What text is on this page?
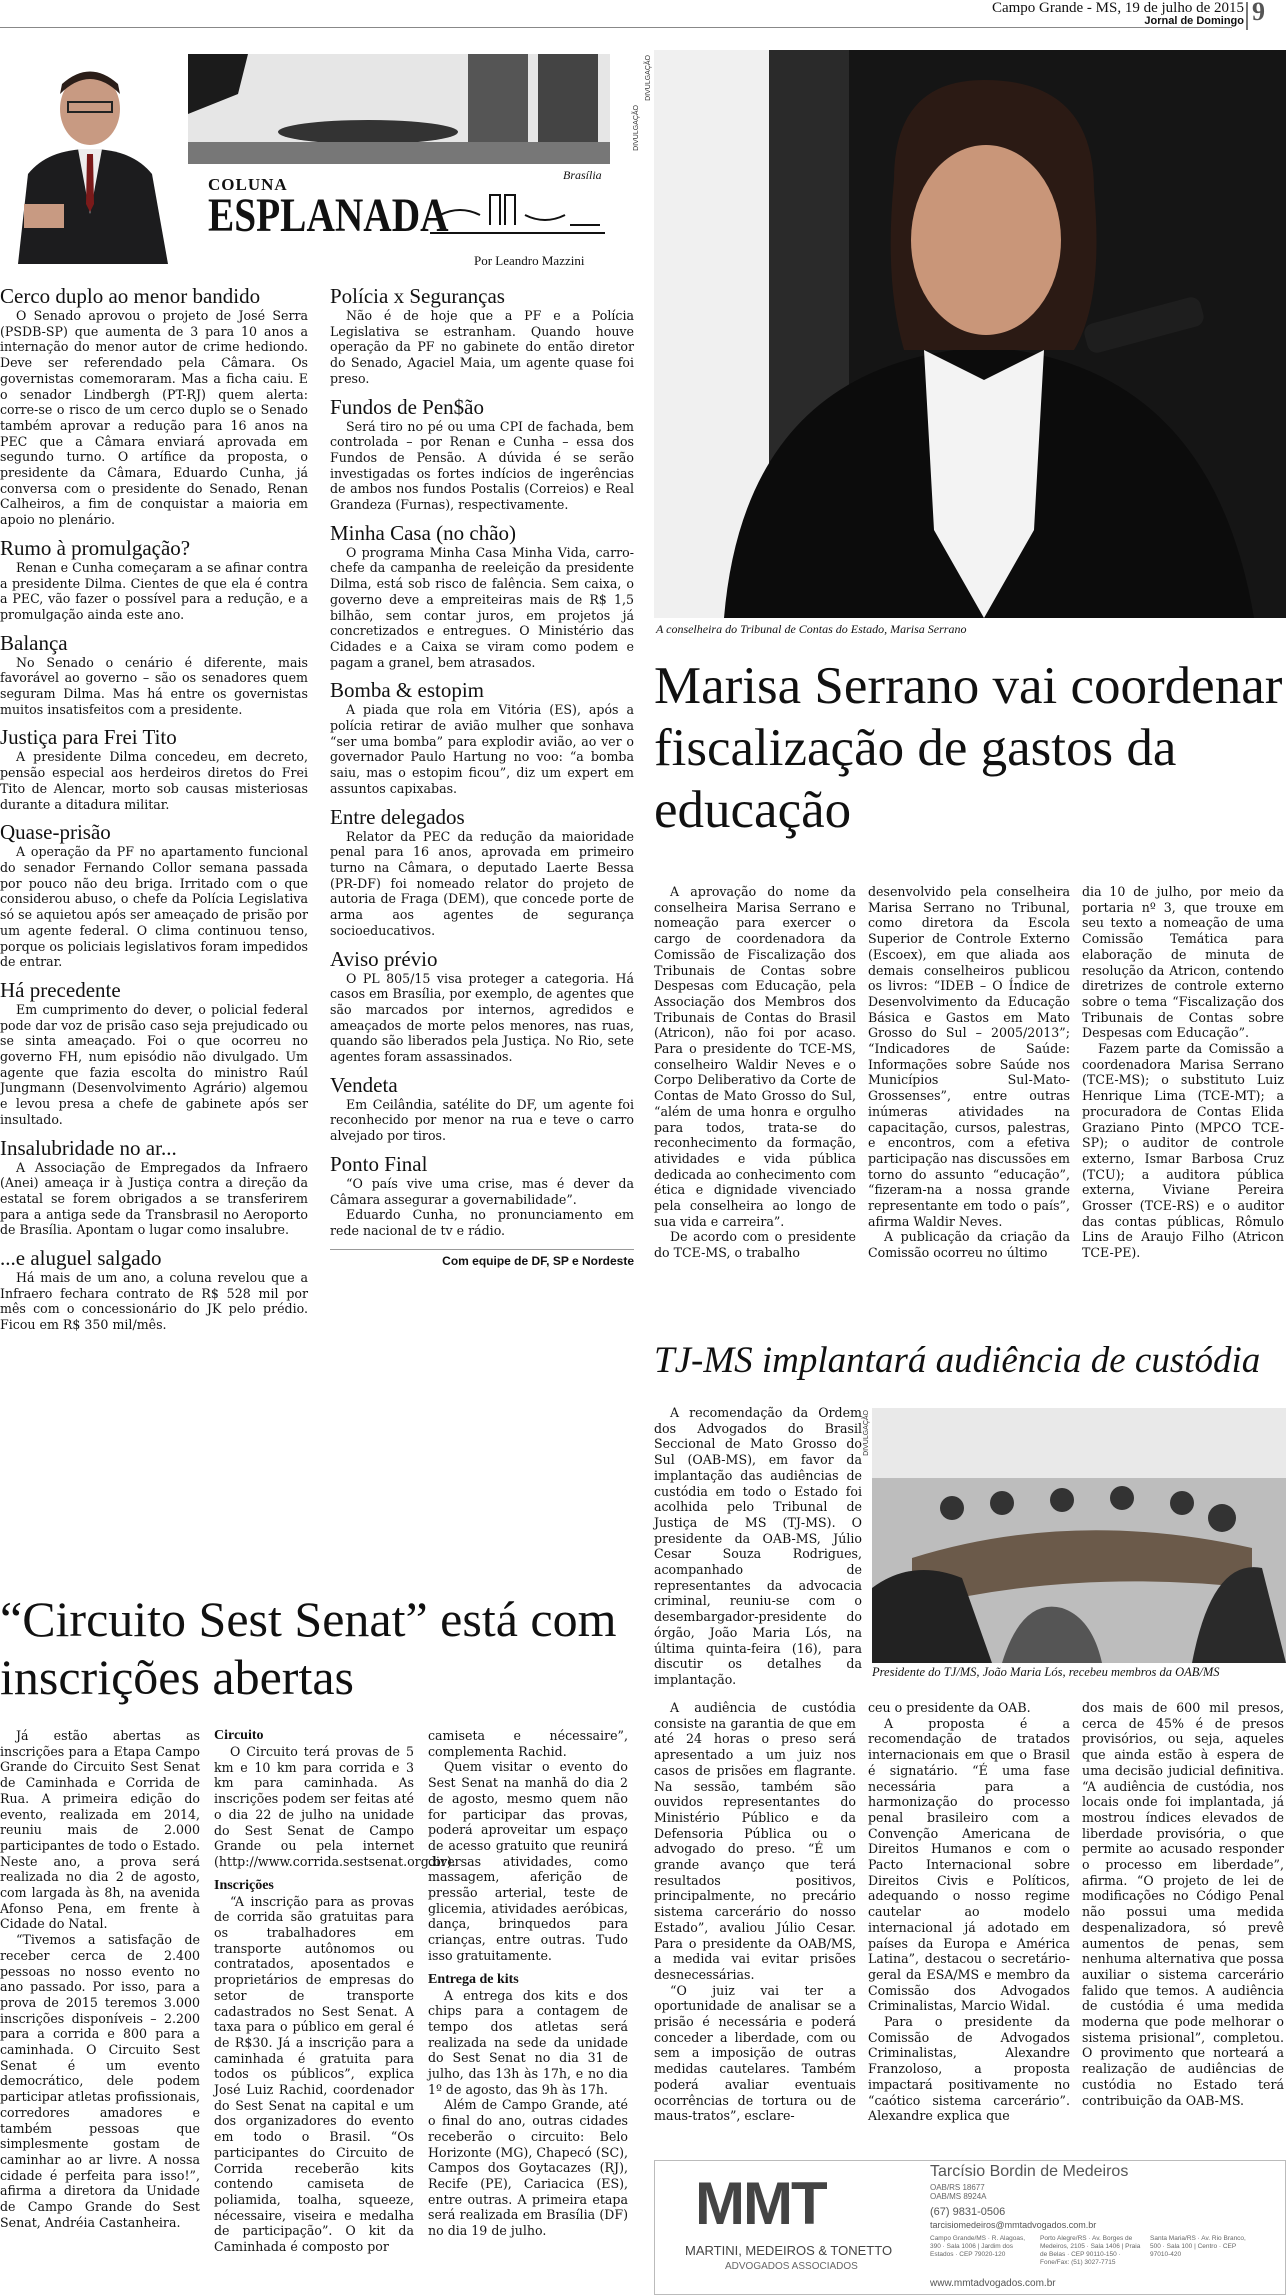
Campo Grande - MS, 19 de julho de 2015
Jornal de Domingo 9
Brasília
COLUNA
ESPLANADA
Por Leandro Mazzini
DIVULGAÇÃO
Cerco duplo ao menor bandido

O Senado aprovou o projeto de José Serra (PSDB-SP) que aumenta de 3 para 10 anos a internação do menor autor de crime hediondo. Deve ser referendado pela Câmara. Os governistas comemoraram. Mas a ficha caiu. E o senador Lindbergh (PT-RJ) quem alerta: corre-se o risco de um cerco duplo se o Senado também aprovar a redução para 16 anos na PEC que a Câmara enviará aprovada em segundo turno. O artífice da proposta, o presidente da Câmara, Eduardo Cunha, já conversa com o presidente do Senado, Renan Calheiros, a fim de conquistar a maioria em apoio no plenário.

Rumo à promulgação?

Renan e Cunha começaram a se afinar contra a presidente Dilma. Cientes de que ela é contra a PEC, vão fazer o possível para a redução, e a promulgação ainda este ano.

Balança

No Senado o cenário é diferente, mais favorável ao governo – são os senadores quem seguram Dilma. Mas há entre os governistas muitos insatisfeitos com a presidente.

Justiça para Frei Tito

A presidente Dilma concedeu, em decreto, pensão especial aos herdeiros diretos do Frei Tito de Alencar, morto sob causas misteriosas durante a ditadura militar.

Quase-prisão

A operação da PF no apartamento funcional do senador Fernando Collor semana passada por pouco não deu briga. Irritado com o que considerou abuso, o chefe da Polícia Legislativa só se aquietou após ser ameaçado de prisão por um agente federal. O clima continuou tenso, porque os policiais legislativos foram impedidos de entrar.

Há precedente

Em cumprimento do dever, o policial federal pode dar voz de prisão caso seja prejudicado ou se sinta ameaçado. Foi o que ocorreu no governo FH, num episódio não divulgado. Um agente que fazia escolta do ministro Raúl Jungmann (Desenvolvimento Agrário) algemou e levou presa a chefe de gabinete após ser insultado.

Insalubridade no ar...

A Associação de Empregados da Infraero (Anei) ameaça ir à Justiça contra a direção da estatal se forem obrigados a se transferirem para a antiga sede da Transbrasil no Aeroporto de Brasília. Apontam o lugar como insalubre.

...e aluguel salgado

Há mais de um ano, a coluna revelou que a Infraero fechara contrato de R$ 528 mil por mês com o concessionário do JK pelo prédio. Ficou em R$ 350 mil/mês.

Polícia x Seguranças

Não é de hoje que a PF e a Polícia Legislativa se estranham. Quando houve operação da PF no gabinete do então diretor do Senado, Agaciel Maia, um agente quase foi preso.

Fundos de Pen$ão

Será tiro no pé ou uma CPI de fachada, bem controlada – por Renan e Cunha – essa dos Fundos de Pensão. A dúvida é se serão investigadas os fortes indícios de ingerências de ambos nos fundos Postalis (Correios) e Real Grandeza (Furnas), respectivamente.

Minha Casa (no chão)

O programa Minha Casa Minha Vida, carro-chefe da campanha de reeleição da presidente Dilma, está sob risco de falência. Sem caixa, o governo deve a empreiteiras mais de R$ 1,5 bilhão, sem contar juros, em projetos já concretizados e entregues. O Ministério das Cidades e a Caixa se viram como podem e pagam a granel, bem atrasados.

Bomba & estopim

A piada que rola em Vitória (ES), após a polícia retirar de avião mulher que sonhava “ser uma bomba” para explodir avião, ao ver o governador Paulo Hartung no voo: “a bomba saiu, mas o estopim ficou”, diz um expert em assuntos capixabas.

Entre delegados

Relator da PEC da redução da maioridade penal para 16 anos, aprovada em primeiro turno na Câmara, o deputado Laerte Bessa (PR-DF) foi nomeado relator do projeto de autoria de Fraga (DEM), que concede porte de arma aos agentes de segurança socioeducativos.

Aviso prévio

O PL 805/15 visa proteger a categoria. Há casos em Brasília, por exemplo, de agentes que são marcados por internos, agredidos e ameaçados de morte pelos menores, nas ruas, quando são liberados pela Justiça. No Rio, sete agentes foram assassinados.

Vendeta

Em Ceilândia, satélite do DF, um agente foi reconhecido por menor na rua e teve o carro alvejado por tiros.

Ponto Final

“O país vive uma crise, mas é dever da Câmara assegurar a governabilidade”.

Eduardo Cunha, no pronunciamento em rede nacional de tv e rádio.

Com equipe de DF, SP e Nordeste
DIVULGAÇÃO
A conselheira do Tribunal de Contas do Estado, Marisa Serrano
Marisa Serrano vai coordenar fiscalização de gastos da educação

A aprovação do nome da conselheira Marisa Serrano e nomeação para exercer o cargo de coordenadora da Comissão de Fiscalização dos Tribunais de Contas sobre Despesas com Educação, pela Associação dos Membros dos Tribunais de Contas do Brasil (Atricon), não foi por acaso. Para o presidente do TCE-MS, conselheiro Waldir Neves e o Corpo Deliberativo da Corte de Contas de Mato Grosso do Sul, “além de uma honra e orgulho para todos, trata-se do reconhecimento da formação, atividades e vida pública dedicada ao conhecimento com ética e dignidade vivenciado pela conselheira ao longo de sua vida e carreira”.

De acordo com o presidente do TCE-MS, o trabalho

desenvolvido pela conselheira Marisa Serrano no Tribunal, como diretora da Escola Superior de Controle Externo (Escoex), em que aliada aos demais conselheiros publicou os livros: “IDEB – O Índice de Desenvolvimento da Educação Básica e Gastos em Mato Grosso do Sul – 2005/2013”; “Indicadores de Saúde: Informações sobre Saúde nos Municípios Sul-Mato-Grossenses”, entre outras inúmeras atividades na capacitação, cursos, palestras, e encontros, com a efetiva participação nas discussões em torno do assunto “educação”, “fizeram-na a nossa grande representante em todo o país”, afirma Waldir Neves.

A publicação da criação da Comissão ocorreu no último

dia 10 de julho, por meio da portaria nº 3, que trouxe em seu texto a nomeação de uma Comissão Temática para elaboração de minuta de resolução da Atricon, contendo diretrizes de controle externo sobre o tema “Fiscalização dos Tribunais de Contas sobre Despesas com Educação”.

Fazem parte da Comissão a coordenadora Marisa Serrano (TCE-MS); o substituto Luiz Henrique Lima (TCE-MT); a procuradora de Contas Elida Graziano Pinto (MPCO TCE-SP); o auditor de controle externo, Ismar Barbosa Cruz (TCU); a auditora pública externa, Viviane Pereira Grosser (TCE-RS) e o auditor das contas públicas, Rômulo Lins de Araujo Filho (Atricon TCE-PE).

TJ-MS implantará audiência de custódia

A recomendação da Ordem dos Advogados do Brasil Seccional de Mato Grosso do Sul (OAB-MS), em favor da implantação das audiências de custódia em todo o Estado foi acolhida pelo Tribunal de Justiça de MS (TJ-MS). O presidente da OAB-MS, Júlio Cesar Souza Rodrigues, acompanhado de representantes da advocacia criminal, reuniu-se com o desembargador-presidente do órgão, João Maria Lós, na última quinta-feira (16), para discutir os detalhes da implantação.

DIVULGAÇÃO
Presidente do TJ/MS, João Maria Lós, recebeu membros da OAB/MS

A audiência de custódia consiste na garantia de que em até 24 horas o preso será apresentado a um juiz nos casos de prisões em flagrante. Na sessão, também são ouvidos representantes do Ministério Público e da Defensoria Pública ou o advogado do preso. “É um grande avanço que terá resultados positivos, principalmente, no precário sistema carcerário do nosso Estado”, avaliou Júlio Cesar. Para o presidente da OAB/MS, a medida vai evitar prisões desnecessárias.

“O juiz vai ter a oportunidade de analisar se a prisão é necessária e poderá conceder a liberdade, com ou sem a imposição de outras medidas cautelares. Também poderá avaliar eventuais ocorrências de tortura ou de maus-tratos”, esclare-

ceu o presidente da OAB.

A proposta é a recomendação de tratados internacionais em que o Brasil é signatário. “É uma fase necessária para a harmonização do processo penal brasileiro com a Convenção Americana de Direitos Humanos e com o Pacto Internacional sobre Direitos Civis e Políticos, adequando o nosso regime cautelar ao modelo internacional já adotado em países da Europa e América Latina”, destacou o secretário-geral da ESA/MS e membro da Comissão dos Advogados Criminalistas, Marcio Widal.

Para o presidente da Comissão de Advogados Criminalistas, Alexandre Franzoloso, a proposta impactará positivamente no “caótico sistema carcerário”. Alexandre explica que

dos mais de 600 mil presos, cerca de 45% é de presos provisórios, ou seja, aqueles que ainda estão à espera de uma decisão judicial definitiva. “A audiência de custódia, nos locais onde foi implantada, já mostrou índices elevados de liberdade provisória, o que permite ao acusado responder o processo em liberdade”, afirma. “O projeto de lei de modificações no Código Penal não possui uma medida despenalizadora, só prevê aumentos de penas, sem nenhuma alternativa que possa auxiliar o sistema carcerário falido que temos. A audiência de custódia é uma medida moderna que pode melhorar o sistema prisional”, completou. O provimento que norteará a realização de audiências de custódia no Estado terá contribuição da OAB-MS.

“Circuito Sest Senat” está com inscrições abertas

Já estão abertas as inscrições para a Etapa Campo Grande do Circuito Sest Senat de Caminhada e Corrida de Rua. A primeira edição do evento, realizada em 2014, reuniu mais de 2.000 participantes de todo o Estado. Neste ano, a prova será realizada no dia 2 de agosto, com largada às 8h, na avenida Afonso Pena, em frente à Cidade do Natal.

“Tivemos a satisfação de receber cerca de 2.400 pessoas no nosso evento no ano passado. Por isso, para a prova de 2015 teremos 3.000 inscrições disponíveis – 2.200 para a corrida e 800 para a caminhada. O Circuito Sest Senat é um evento democrático, dele podem participar atletas profissionais, corredores amadores e também pessoas que simplesmente gostam de caminhar ao ar livre. A nossa cidade é perfeita para isso!”, afirma a diretora da Unidade de Campo Grande do Sest Senat, Andréia Castanheira.

Circuito

O Circuito terá provas de 5 km e 10 km para corrida e 3 km para caminhada. As inscrições podem ser feitas até o dia 22 de julho na unidade do Sest Senat de Campo Grande ou pela internet (http://www.corrida.sestsenat.org.br).

Inscrições

“A inscrição para as provas de corrida são gratuitas para os trabalhadores em transporte autônomos ou contratados, aposentados e proprietários de empresas do setor de transporte cadastrados no Sest Senat. A taxa para o público em geral é de R$30. Já a inscrição para a caminhada é gratuita para todos os públicos”, explica José Luiz Rachid, coordenador do Sest Senat na capital e um dos organizadores do evento em todo o Brasil. “Os participantes do Circuito de Corrida receberão kits contendo camiseta de poliamida, toalha, squeeze, nécessaire, viseira e medalha de participação”. O kit da Caminhada é composto por

camiseta e nécessaire”, complementa Rachid.

Quem visitar o evento do Sest Senat na manhã do dia 2 de agosto, mesmo quem não for participar das provas, poderá aproveitar um espaço de acesso gratuito que reunirá diversas atividades, como massagem, aferição de pressão arterial, teste de glicemia, atividades aeróbicas, dança, brinquedos para crianças, entre outras. Tudo isso gratuitamente.

Entrega de kits

A entrega dos kits e dos chips para a contagem de tempo dos atletas será realizada na sede da unidade do Sest Senat no dia 31 de julho, das 13h às 17h, e no dia 1º de agosto, das 9h às 17h.

Além de Campo Grande, até o final do ano, outras cidades receberão o circuito: Belo Horizonte (MG), Chapecó (SC), Campos dos Goytacazes (RJ), Recife (PE), Cariacica (ES), entre outras. A primeira etapa será realizada em Brasília (DF) no dia 19 de julho.	MMT
MARTINI, MEDEIROS & TONETTO
ADVOGADOS ASSOCIADOS
Tarcísio Bordin de Medeiros
OAB/RS 18677
OAB/MS 8924A
(67) 9831-0506
tarcisiomedeiros@mmtadvogados.com.br
Campo Grande/MS · R. Alagoas, 390 · Sala 1006 | Jardim dos Estados · CEP 79020-120
Porto Alegre/RS · Av. Borges de Medeiros, 2105 · Sala 1406 | Praia de Belas · CEP 90110-150 · Fone/Fax: (51) 3027-7715
Santa Maria/RS · Av. Rio Branco, 500 · Sala 100 | Centro · CEP 97010-420
www.mmtadvogados.com.br
